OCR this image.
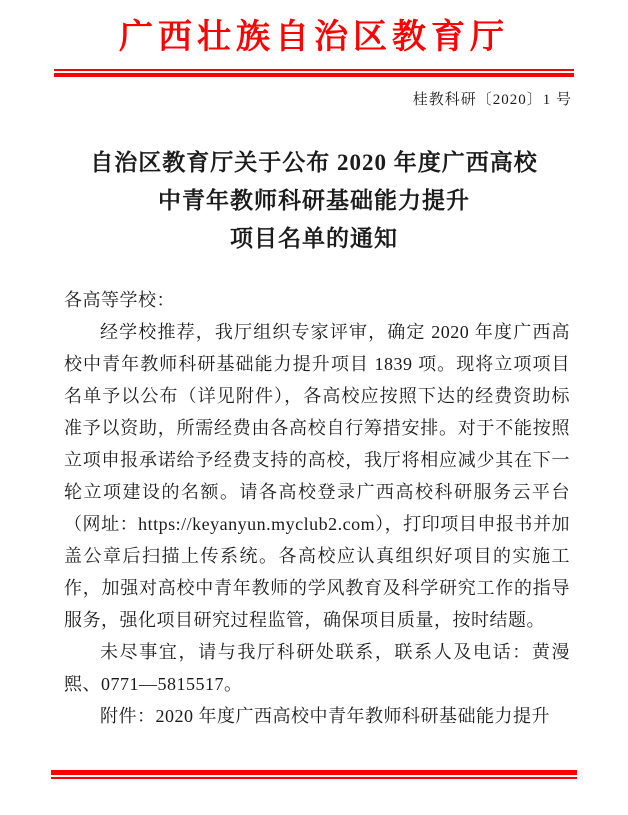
广西壮族自治区教育厅
桂教科研〔2020〕1 号
自治区教育厅关于公布 2020 年度广西高校
中青年教师科研基础能力提升
项目名单的通知

各高等学校：

经学校推荐，我厅组织专家评审，确定 2020 年度广西高校中青年教师科研基础能力提升项目 1839 项。现将立项项目名单予以公布（详见附件），各高校应按照下达的经费资助标准予以资助，所需经费由各高校自行筹措安排。对于不能按照立项申报承诺给予经费支持的高校，我厅将相应减少其在下一轮立项建设的名额。请各高校登录广西高校科研服务云平台（网址：https://keyanyun.myclub2.com），打印项目申报书并加盖公章后扫描上传系统。各高校应认真组织好项目的实施工作，加强对高校中青年教师的学风教育及科学研究工作的指导服务，强化项目研究过程监管，确保项目质量，按时结题。

未尽事宜，请与我厅科研处联系，联系人及电话：黄漫熙、0771—5815517。

附件：2020 年度广西高校中青年教师科研基础能力提升
